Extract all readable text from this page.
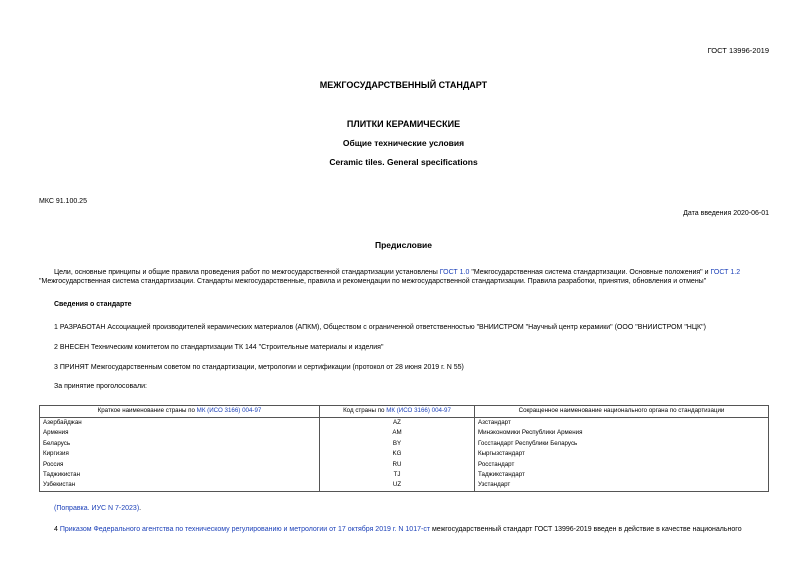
ГОСТ 13996-2019
МЕЖГОСУДАРСТВЕННЫЙ СТАНДАРТ
ПЛИТКИ КЕРАМИЧЕСКИЕ
Общие технические условия
Ceramic tiles. General specifications
МКС 91.100.25
Дата введения 2020-06-01
Предисловие
Цели, основные принципы и общие правила проведения работ по межгосударственной стандартизации установлены ГОСТ 1.0 "Межгосударственная система стандартизации. Основные положения" и ГОСТ 1.2 "Межгосударственная система стандартизации. Стандарты межгосударственные, правила и рекомендации по межгосударственной стандартизации. Правила разработки, принятия, обновления и отмены"
Сведения о стандарте
1 РАЗРАБОТАН Ассоциацией производителей керамических материалов (АПКМ), Обществом с ограниченной ответственностью "ВНИИСТРОМ "Научный центр керамики" (ООО "ВНИИСТРОМ "НЦК")
2 ВНЕСЕН Техническим комитетом по стандартизации ТК 144 "Строительные материалы и изделия"
3 ПРИНЯТ Межгосударственным советом по стандартизации, метрологии и сертификации (протокол от 28 июня 2019 г. N 55)
За принятие проголосовали:
Краткое наименование страны по МК (ИСО 3166) 004-97	Код страны по МК (ИСО 3166) 004-97	Сокращенное наименование национального органа по стандартизации
Азербайджан	AZ	Азстандарт
Армения	AM	Минэкономики Республики Армения
Беларусь	BY	Госстандарт Республики Беларусь
Киргизия	KG	Кыргызстандарт
Россия	RU	Росстандарт
Таджикистан	TJ	Таджикстандарт
Узбекистан	UZ	Узстандарт
(Поправка. ИУС N 7-2023).
4 Приказом Федерального агентства по техническому регулированию и метрологии от 17 октября 2019 г. N 1017-ст межгосударственный стандарт ГОСТ 13996-2019 введен в действие в качестве национального
